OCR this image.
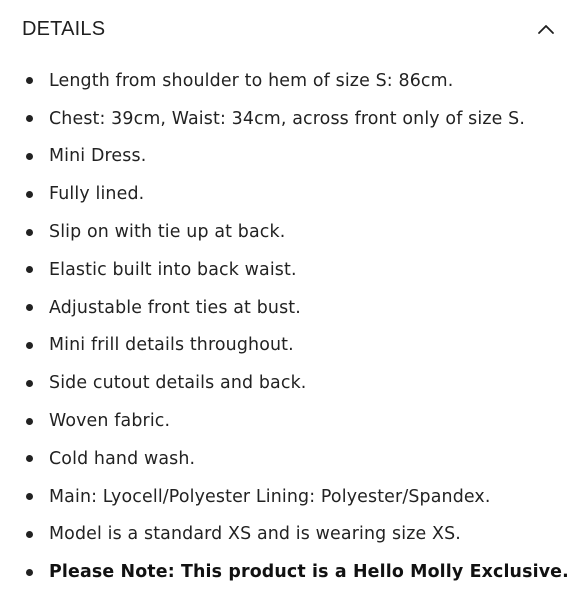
DETAILS
Length from shoulder to hem of size S: 86cm.
Chest: 39cm, Waist: 34cm, across front only of size S.
Mini Dress.
Fully lined.
Slip on with tie up at back.
Elastic built into back waist.
Adjustable front ties at bust.
Mini frill details throughout.
Side cutout details and back.
Woven fabric.
Cold hand wash.
Main: Lyocell/Polyester Lining: Polyester/Spandex.
Model is a standard XS and is wearing size XS.
Please Note: This product is a Hello Molly Exclusive.
